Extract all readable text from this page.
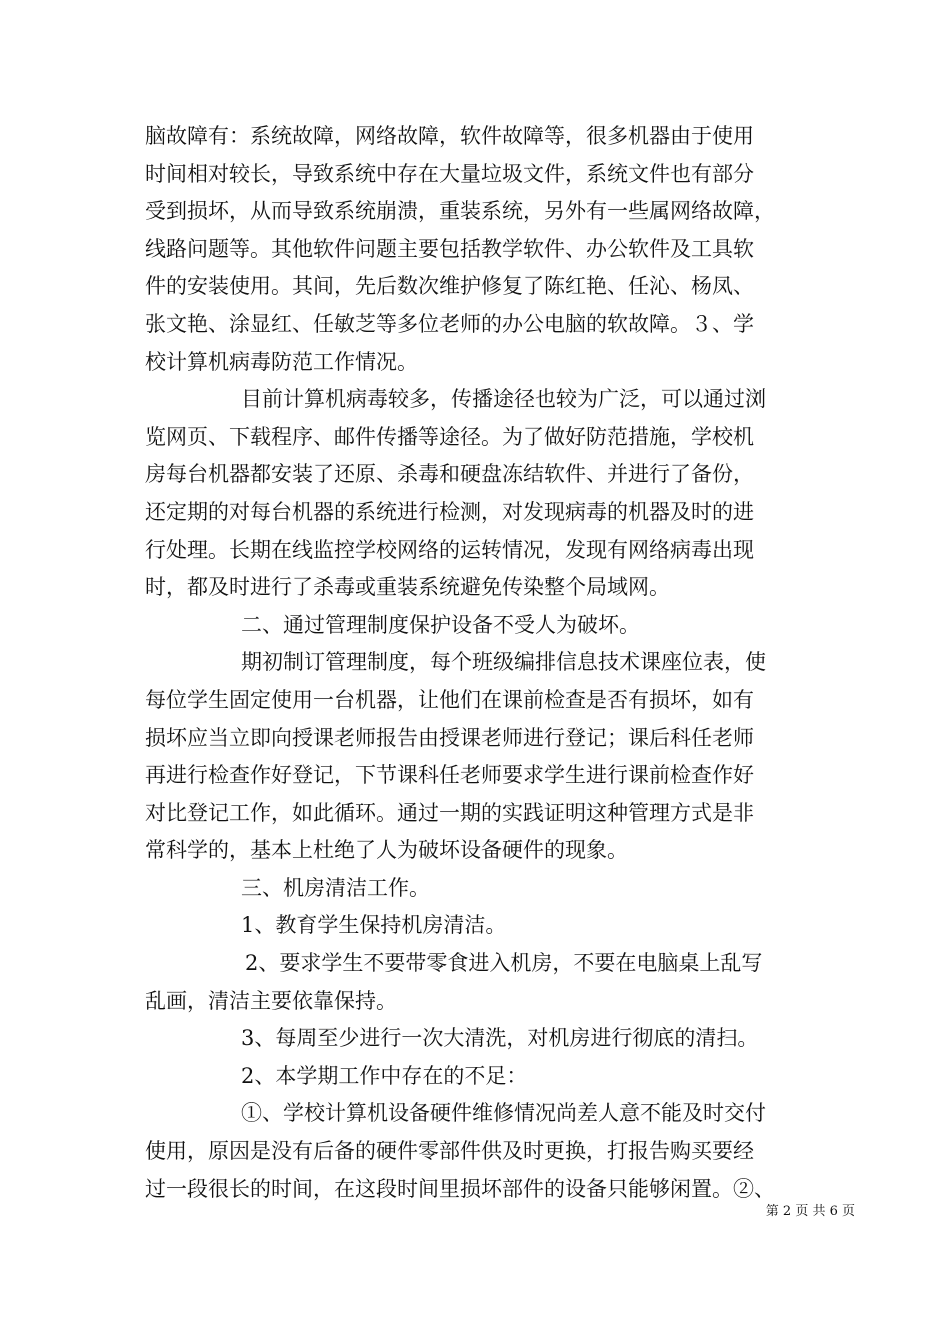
脑故障有：系统故障，网络故障，软件故障等，很多机器由于使用
时间相对较长，导致系统中存在大量垃圾文件，系统文件也有部分
受到损坏，从而导致系统崩溃，重装系统，另外有一些属网络故障，
线路问题等。其他软件问题主要包括教学软件、办公软件及工具软
件的安装使用。其间，先后数次维护修复了陈红艳、任沁、杨凤、
张文艳、涂显红、任敏芝等多位老师的办公电脑的软故障。３、学
校计算机病毒防范工作情况。

目前计算机病毒较多，传播途径也较为广泛，可以通过浏
览网页、下载程序、邮件传播等途径。为了做好防范措施，学校机
房每台机器都安装了还原、杀毒和硬盘冻结软件、并进行了备份，
还定期的对每台机器的系统进行检测，对发现病毒的机器及时的进
行处理。长期在线监控学校网络的运转情况，发现有网络病毒出现
时，都及时进行了杀毒或重装系统避免传染整个局域网。

二、通过管理制度保护设备不受人为破坏。

期初制订管理制度，每个班级编排信息技术课座位表，使
每位学生固定使用一台机器，让他们在课前检查是否有损坏，如有
损坏应当立即向授课老师报告由授课老师进行登记；课后科任老师
再进行检查作好登记，下节课科任老师要求学生进行课前检查作好
对比登记工作，如此循环。通过一期的实践证明这种管理方式是非
常科学的，基本上杜绝了人为破坏设备硬件的现象。

三、机房清洁工作。

1、教育学生保持机房清洁。

2、要求学生不要带零食进入机房，不要在电脑桌上乱写
乱画，清洁主要依靠保持。

3、每周至少进行一次大清洗，对机房进行彻底的清扫。

2、本学期工作中存在的不足：

①、学校计算机设备硬件维修情况尚差人意不能及时交付
使用，原因是没有后备的硬件零部件供及时更换，打报告购买要经
过一段很长的时间，在这段时间里损坏部件的设备只能够闲置。②、

第 2 页 共 6 页
